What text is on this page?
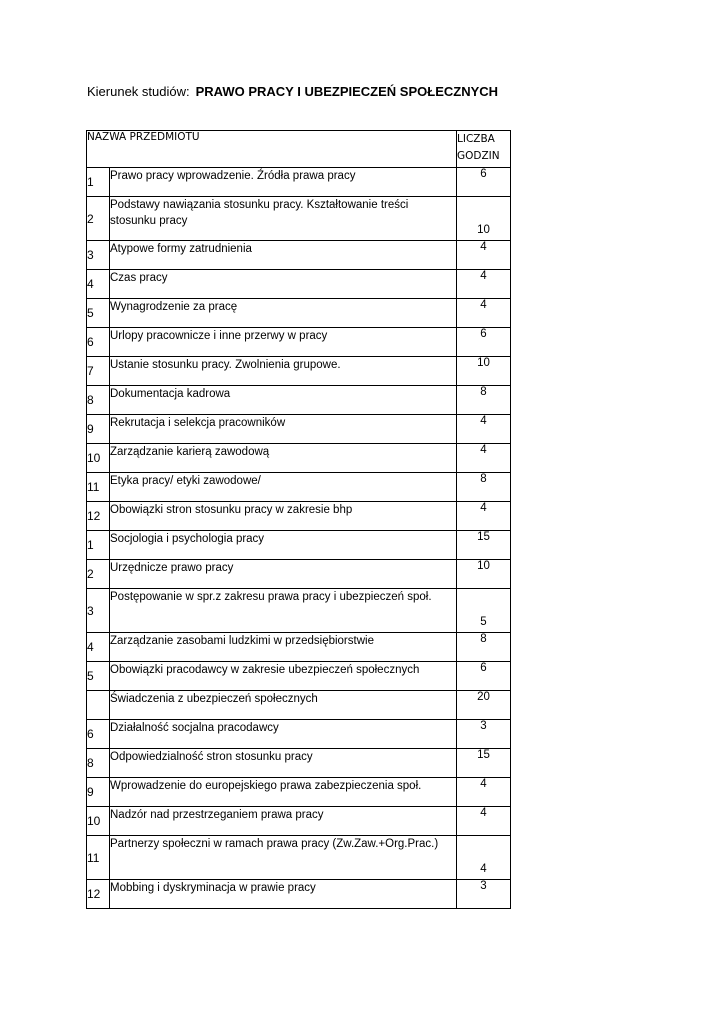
Kierunek studiów: PRAWO PRACY I UBEZPIECZEŃ SPOŁECZNYCH
NAZWA PRZEDMIOTU		LICZBA
GODZIN
1	Prawo pracy wprowadzenie. Źródła prawa pracy	6
2	Podstawy nawiązania stosunku pracy. Kształtowanie treści stosunku pracy	10
3	Atypowe formy zatrudnienia	4
4	Czas pracy	4
5	Wynagrodzenie za pracę	4
6	Urlopy pracownicze i inne przerwy w pracy	6
7	Ustanie stosunku pracy. Zwolnienia grupowe.	10
8	Dokumentacja kadrowa	8
9	Rekrutacja i selekcja pracowników	4
10	Zarządzanie karierą zawodową	4
11	Etyka pracy/ etyki zawodowe/	8
12	Obowiązki stron stosunku pracy w zakresie bhp	4
1	Socjologia i psychologia pracy	15
2	Urzędnicze prawo pracy	10
3	Postępowanie w spr.z zakresu prawa pracy i ubezpieczeń społ.	5
4	Zarządzanie zasobami ludzkimi w przedsiębiorstwie	8
5	Obowiązki pracodawcy w zakresie ubezpieczeń społecznych	6
	Świadczenia z ubezpieczeń społecznych	20
6	Działalność socjalna pracodawcy	3
8	Odpowiedzialność stron stosunku pracy	15
9	Wprowadzenie do europejskiego prawa zabezpieczenia społ.	4
10	Nadzór nad przestrzeganiem prawa pracy	4
11	Partnerzy społeczni w ramach prawa pracy (Zw.Zaw.+Org.Prac.)	4
12	Mobbing i dyskryminacja w prawie pracy	3
